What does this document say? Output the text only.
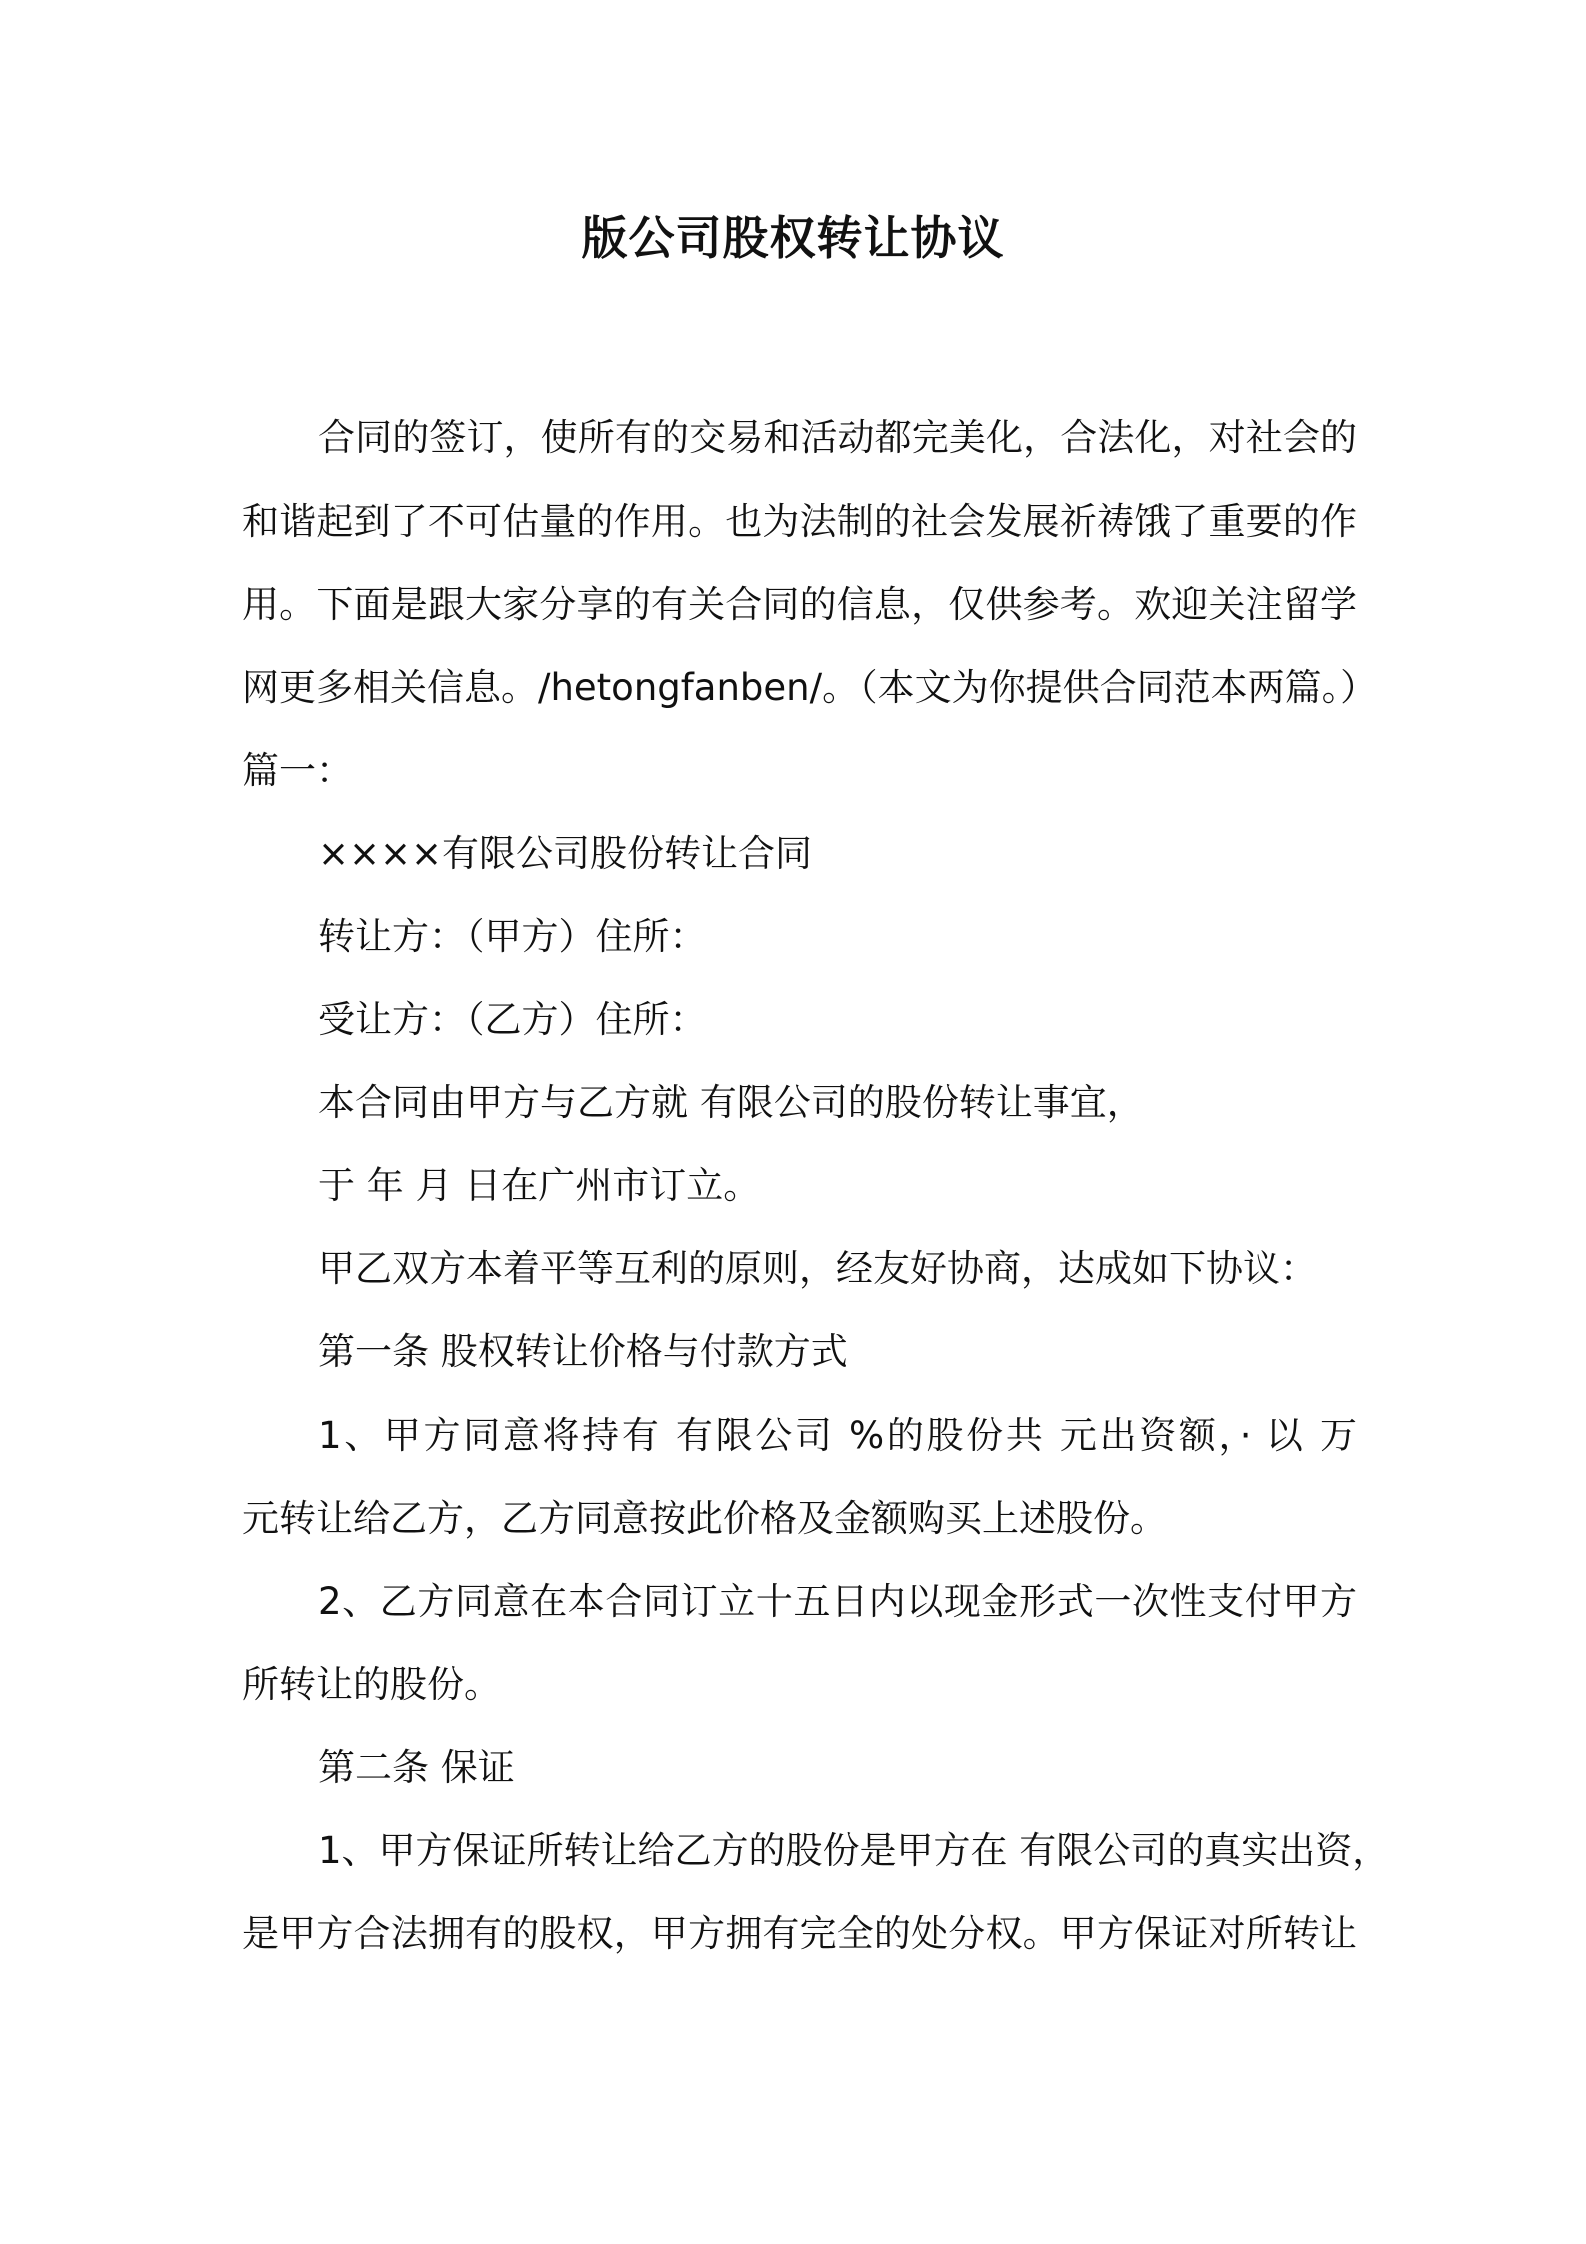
版公司股权转让协议

合同的签订，使所有的交易和活动都完美化，合法化，对社会的

和谐起到了不可估量的作用。也为法制的社会发展祈祷饿了重要的作

用。下面是跟大家分享的有关合同的信息，仅供参考。欢迎关注留学

网更多相关信息。/hetongfanben/。（本文为你提供合同范本两篇。）

篇一：

××××有限公司股份转让合同

转让方：（甲方）住所：

受让方：（乙方）住所：

本合同由甲方与乙方就 有限公司的股份转让事宜，

于 年 月 日在广州市订立。

甲乙双方本着平等互利的原则，经友好协商，达成如下协议：

第一条 股权转让价格与付款方式

1、甲方同意将持有 有限公司 %的股份共 元出资额，· 以 万

元转让给乙方，乙方同意按此价格及金额购买上述股份。

2、乙方同意在本合同订立十五日内以现金形式一次性支付甲方

所转让的股份。

第二条 保证

1、甲方保证所转让给乙方的股份是甲方在 有限公司的真实出资，

是甲方合法拥有的股权，甲方拥有完全的处分权。甲方保证对所转让
